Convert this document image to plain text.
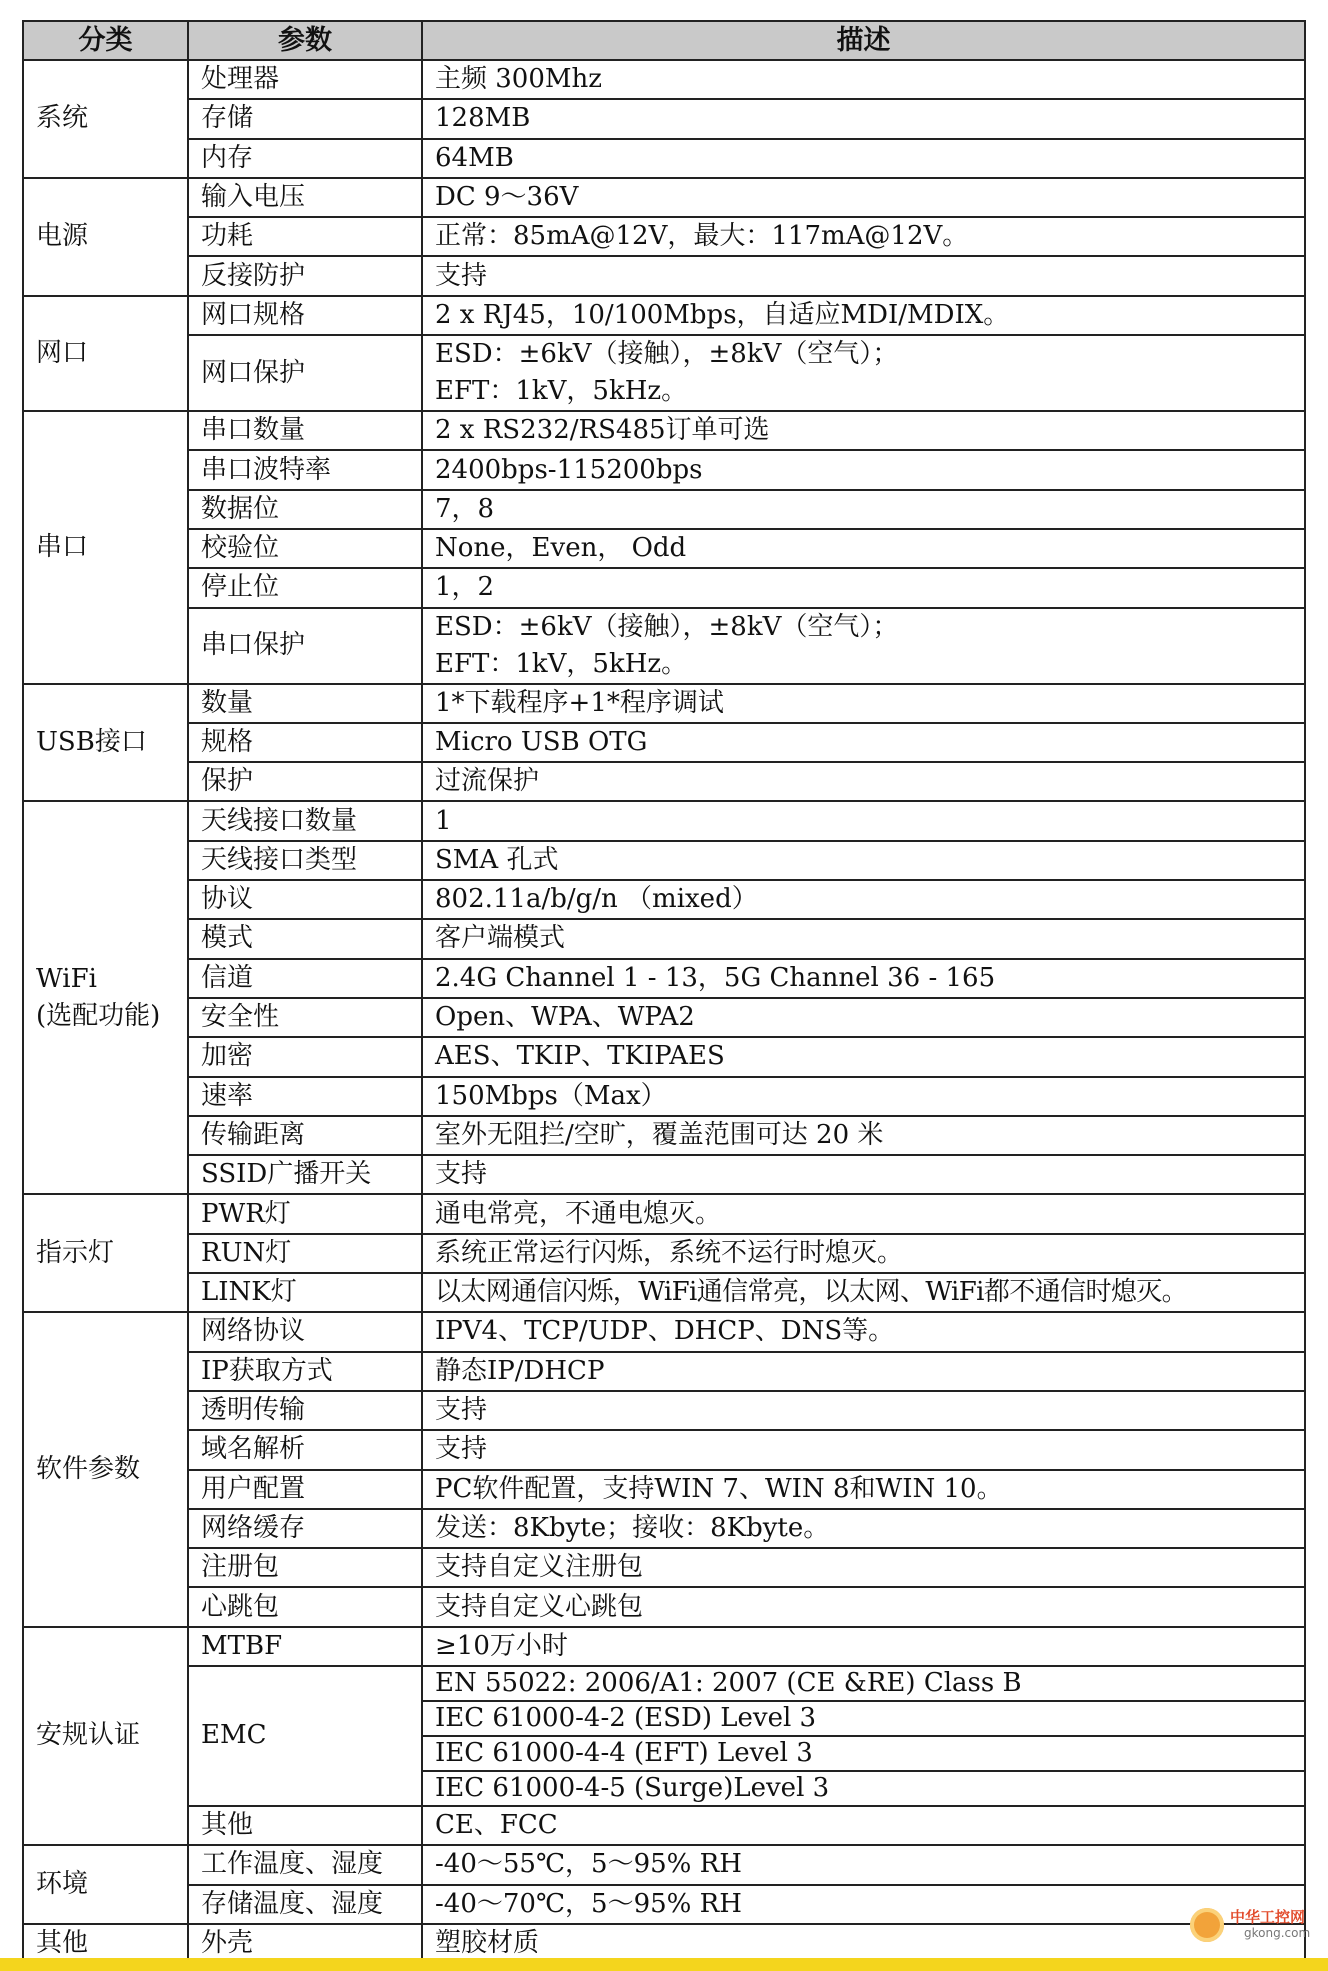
分类	参数	描述
系统	处理器	主频 300Mhz
	存储	128MB
	内存	64MB
电源	输入电压	DC 9～36V
	功耗	正常：85mA@12V，最大：117mA@12V。
	反接防护	支持
网口	网口规格	2 x RJ45，10/100Mbps，自适应MDI/MDIX。
	网口保护	ESD：±6kV（接触），±8kV（空气）；
EFT：1kV，5kHz。

串口	串口数量	2 x RS232/RS485订单可选
	串口波特率	2400bps-115200bps
	数据位	7，8
	校验位	None，Even， Odd
	停止位	1，2
	串口保护	ESD：±6kV（接触），±8kV（空气）；
EFT：1kV，5kHz。

USB接口	数量	1*下载程序+1*程序调试
	规格	Micro USB OTG
	保护	过流保护

WiFi
(选配功能)	天线接口数量	1
	天线接口类型	SMA 孔式
	协议	802.11a/b/g/n （mixed）
	模式	客户端模式
	信道	2.4G Channel 1 - 13，5G Channel 36 - 165
	安全性	Open、WPA、WPA2
	加密	AES、TKIP、TKIPAES
	速率	150Mbps（Max）
	传输距离	室外无阻拦/空旷，覆盖范围可达 20 米
	SSID广播开关	支持
指示灯	PWR灯	通电常亮，不通电熄灭。
	RUN灯	系统正常运行闪烁，系统不运行时熄灭。
	LINK灯	以太网通信闪烁，WiFi通信常亮，以太网、WiFi都不通信时熄灭。
软件参数	网络协议	IPV4、TCP/UDP、DHCP、DNS等。
	IP获取方式	静态IP/DHCP
	透明传输	支持
	域名解析	支持
	用户配置	PC软件配置，支持WIN 7、WIN 8和WIN 10。
	网络缓存	发送：8Kbyte；接收：8Kbyte。
	注册包	支持自定义注册包
	心跳包	支持自定义心跳包
安规认证	MTBF	≥10万小时
	EMC	EN 55022: 2006/A1: 2007 (CE &RE) Class B
		IEC 61000-4-2 (ESD) Level 3
		IEC 61000-4-4 (EFT) Level 3
		IEC 61000-4-5 (Surge)Level 3
	其他	CE、FCC
环境	工作温度、湿度	-40～55℃，5～95% RH
	存储温度、湿度	-40～70℃，5～95% RH
其他	外壳	塑胶材质
中华工控网
gkong.com
